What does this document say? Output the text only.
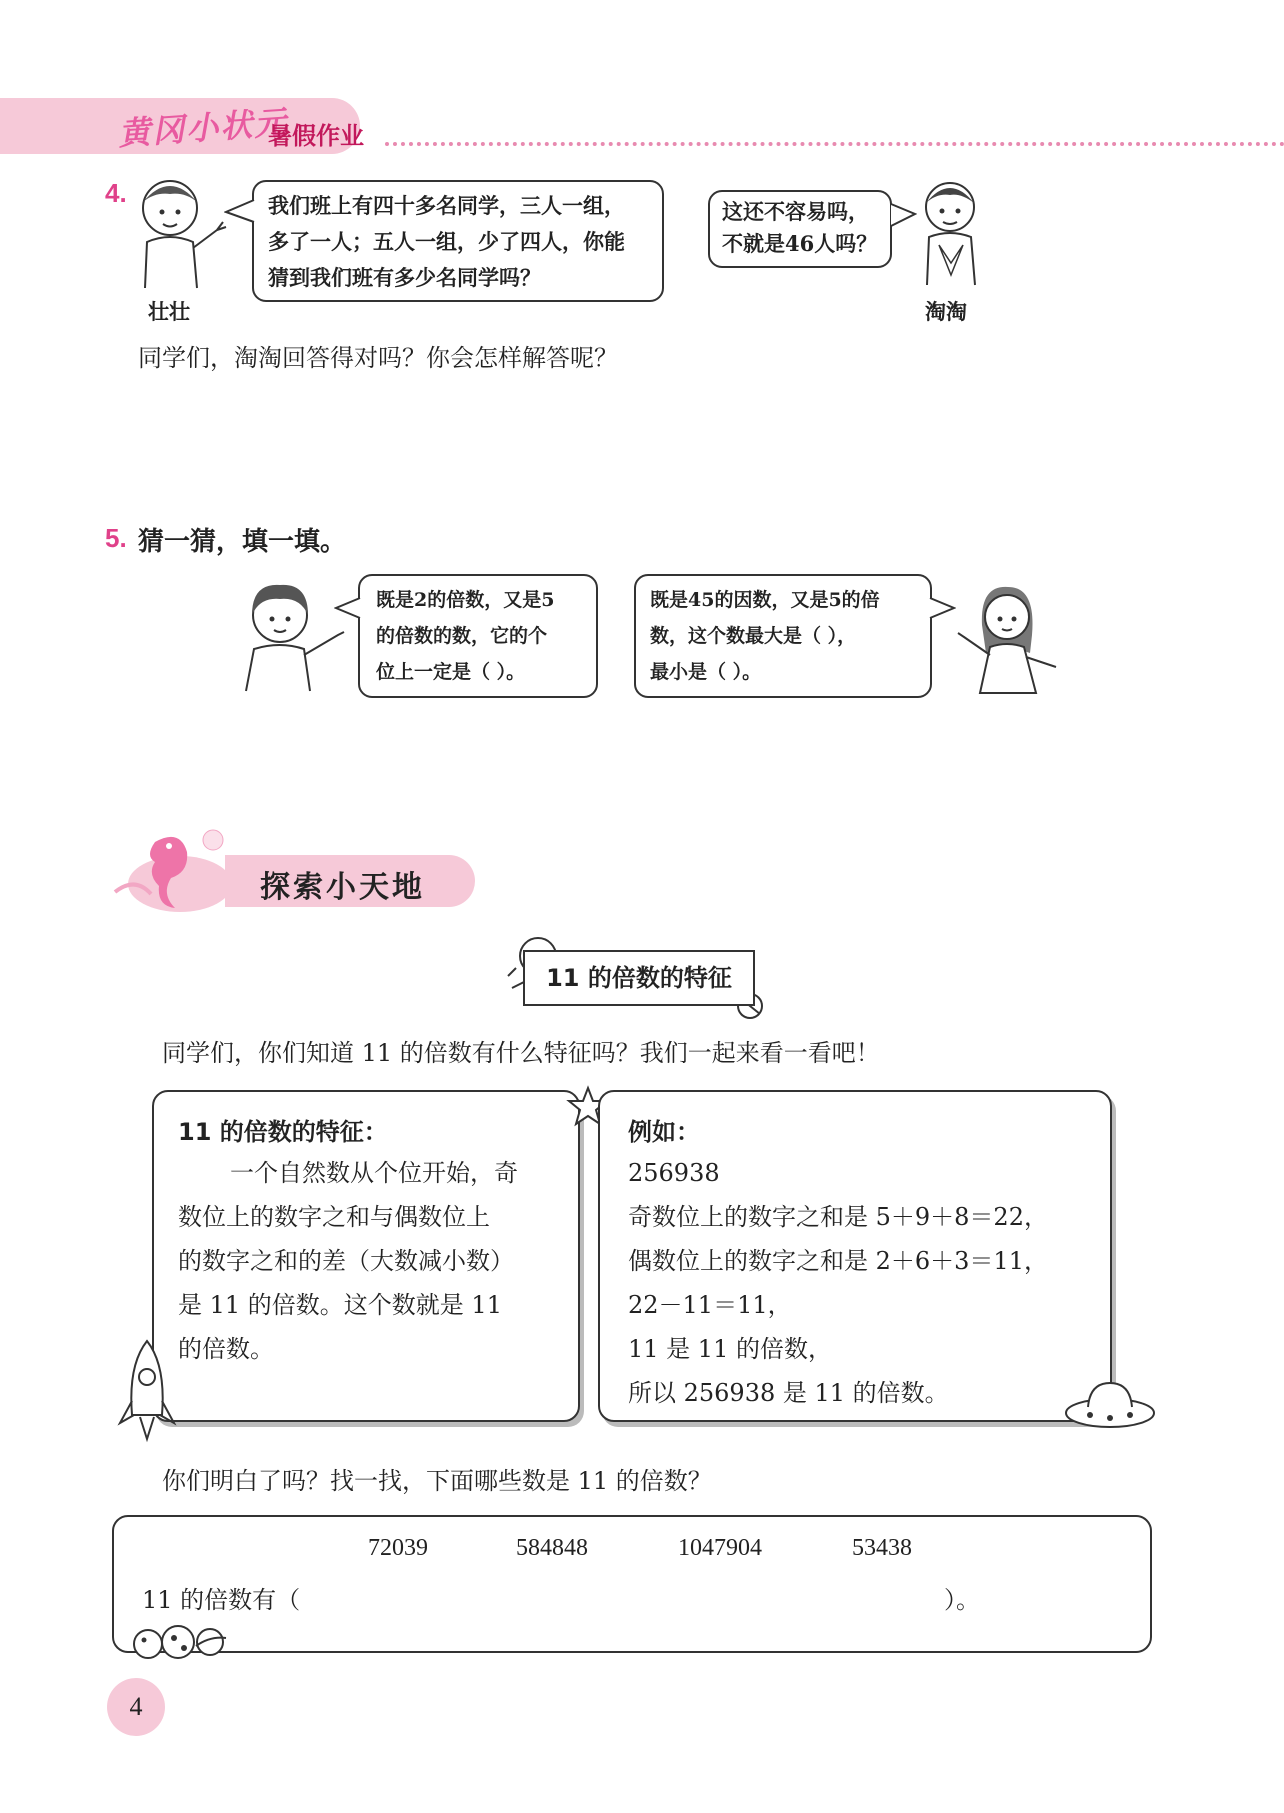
黄冈小状元
暑假作业
4.	我们班上有四十多名同学，三人一组，
多了一人；五人一组，少了四人，你能
猜到我们班有多少名同学吗？
壮壮
这还不容易吗，
不就是46人吗？
淘淘
同学们，淘淘回答得对吗？你会怎样解答呢？
5. 猜一猜，填一填。
既是2的倍数，又是5
的倍数的数，它的个
位上一定是（ ）。
既是45的因数，又是5的倍
数，这个数最大是（ ），
最小是（ ）。
探索小天地
11 的倍数的特征
同学们，你们知道 11 的倍数有什么特征吗？我们一起来看一看吧！
11 的倍数的特征：
一个自然数从个位开始，奇
数位上的数字之和与偶数位上
的数字之和的差（大数减小数）
是 11 的倍数。这个数就是 11
的倍数。
例如：
256938
奇数位上的数字之和是 5＋9＋8＝22，
偶数位上的数字之和是 2＋6＋3＝11，
22－11＝11，
11 是 11 的倍数，
所以 256938 是 11 的倍数。
你们明白了吗？找一找，下面哪些数是 11 的倍数？
72039	584848	1047904	53438
11 的倍数有（	）。
4
